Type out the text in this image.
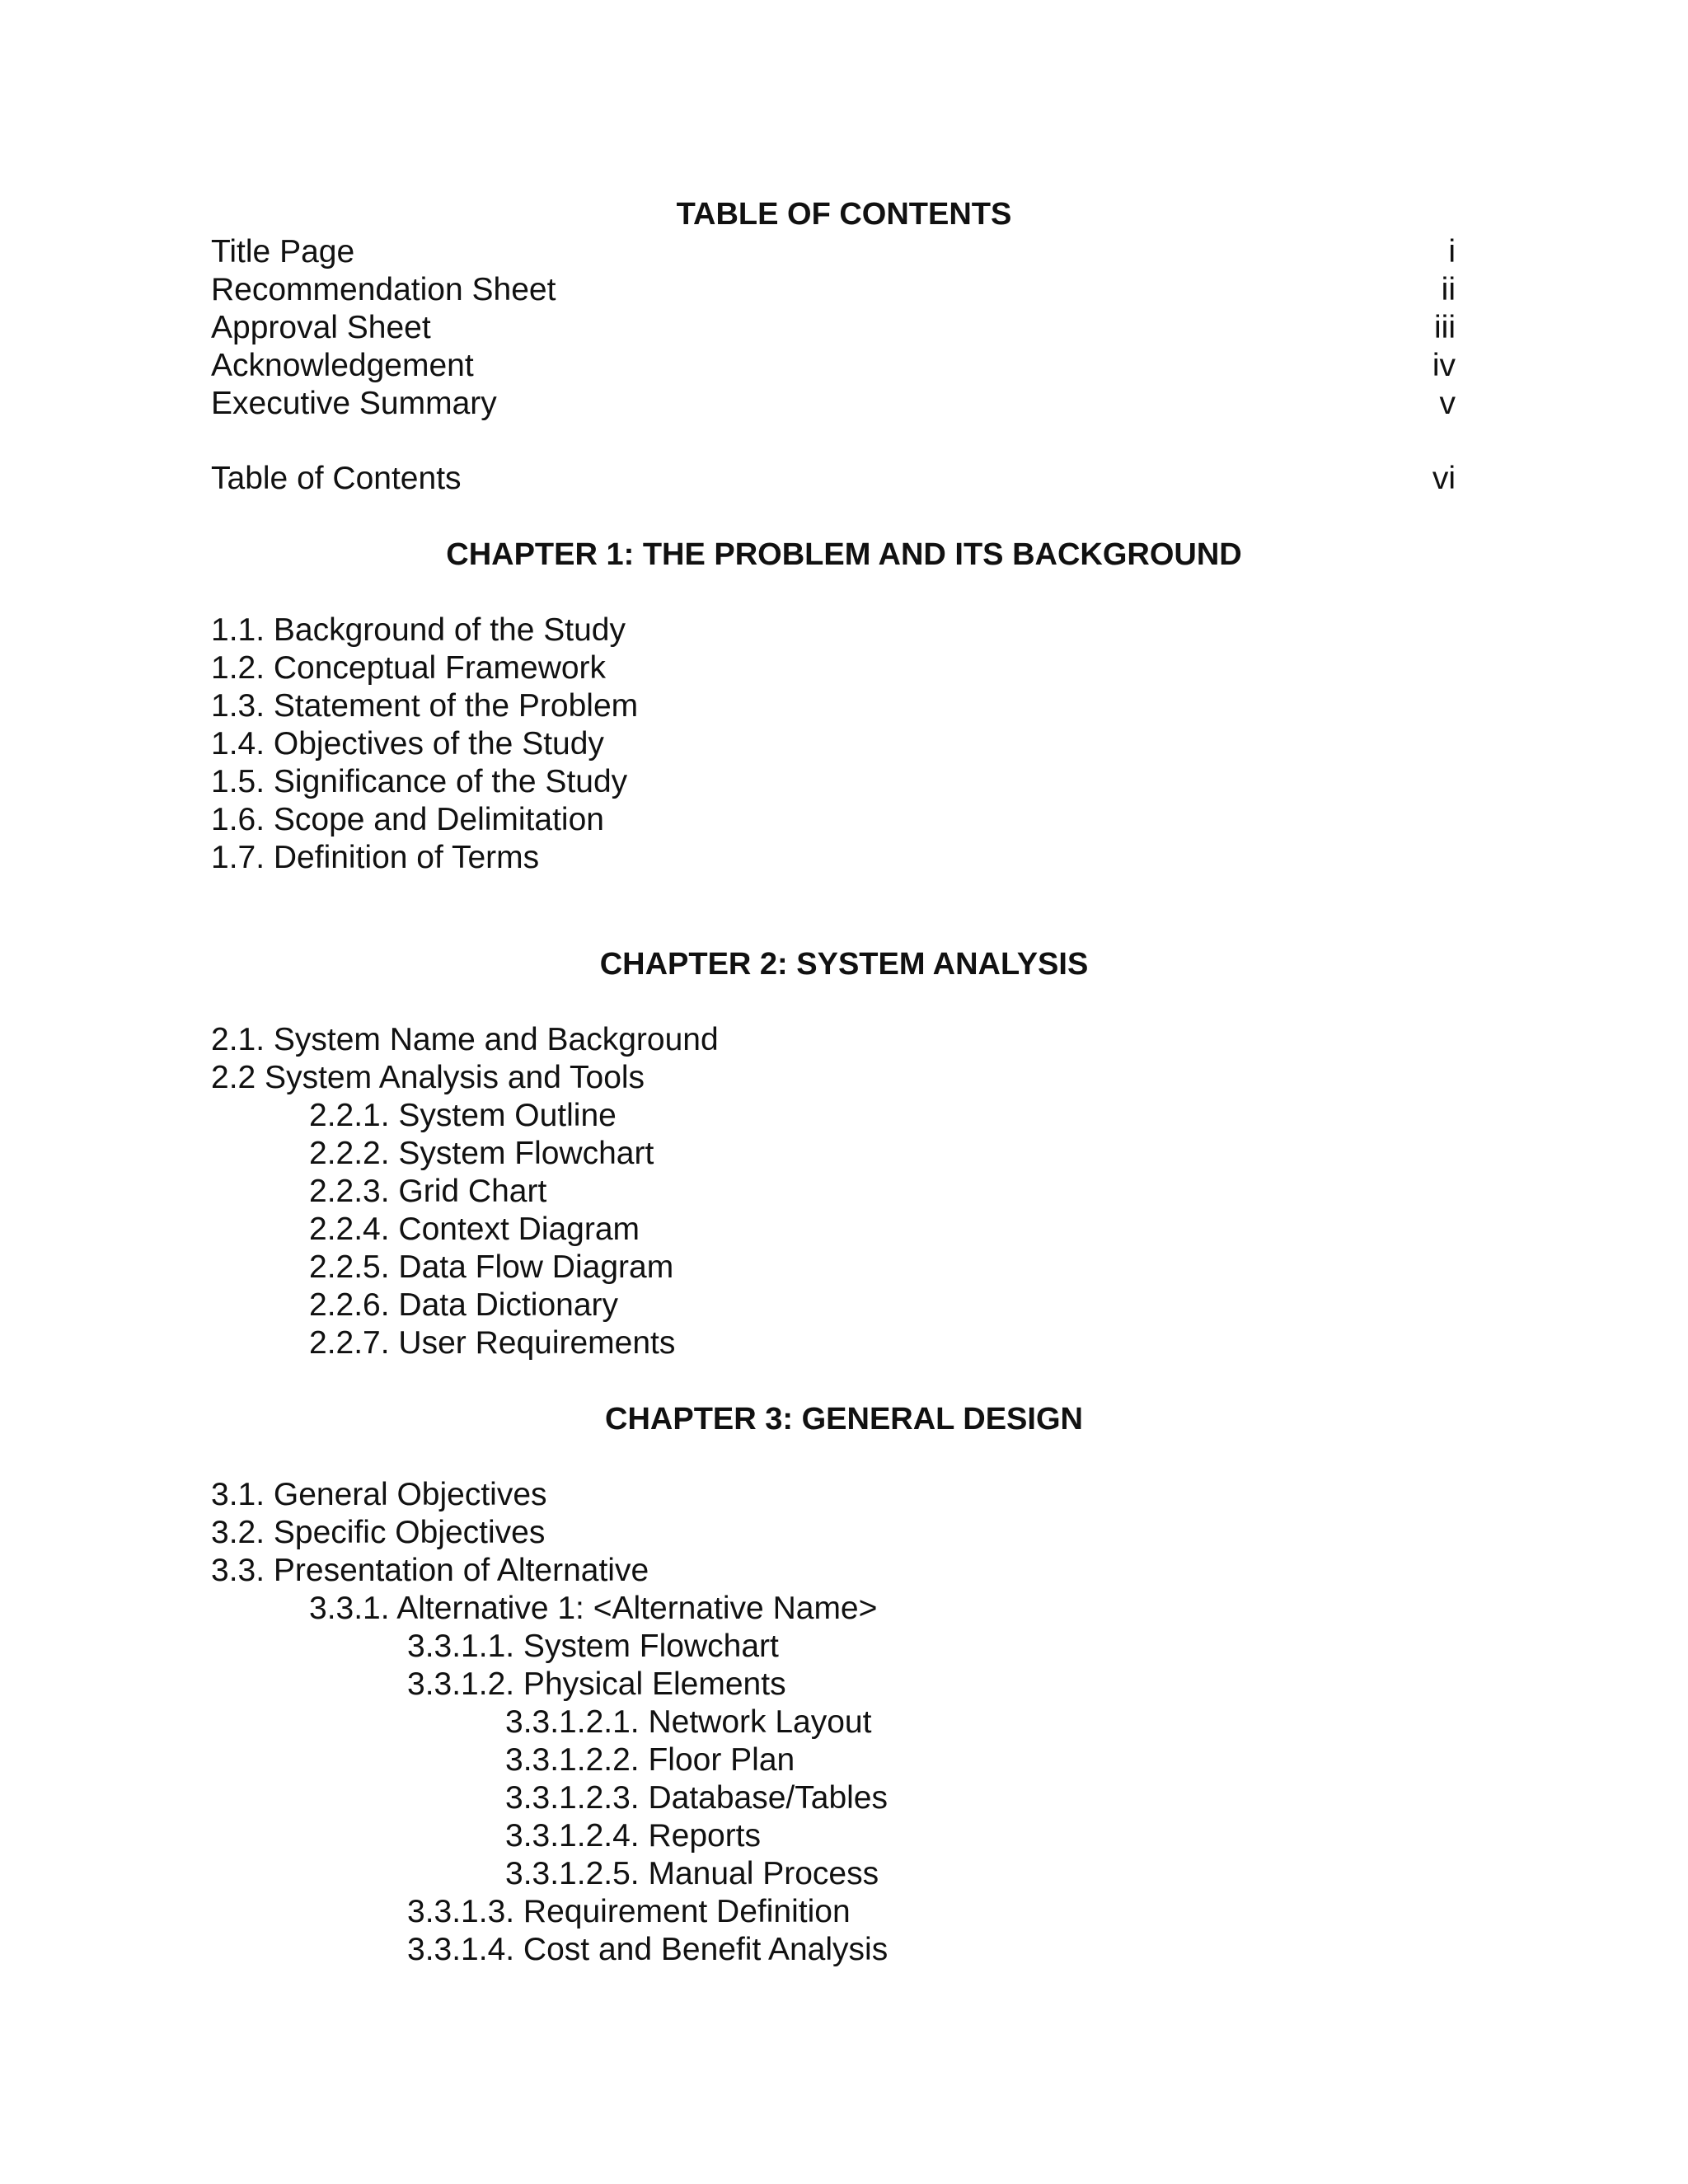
TABLE OF CONTENTS
Title Page	i
Recommendation Sheet	ii
Approval Sheet	iii
Acknowledgement	iv
Executive Summary	v
Table of Contents	vi
CHAPTER 1: THE PROBLEM AND ITS BACKGROUND
1.1. Background of the Study
1.2. Conceptual Framework
1.3. Statement of the Problem
1.4. Objectives of the Study
1.5. Significance of the Study
1.6. Scope and Delimitation
1.7. Definition of Terms
CHAPTER 2: SYSTEM ANALYSIS
2.1. System Name and Background
2.2 System Analysis and Tools
2.2.1. System Outline
2.2.2. System Flowchart
2.2.3. Grid Chart
2.2.4. Context Diagram
2.2.5. Data Flow Diagram
2.2.6. Data Dictionary
2.2.7. User Requirements
CHAPTER 3: GENERAL DESIGN
3.1. General Objectives
3.2. Specific Objectives
3.3. Presentation of Alternative
3.3.1. Alternative 1: <Alternative Name>
3.3.1.1. System Flowchart
3.3.1.2. Physical Elements
3.3.1.2.1. Network Layout
3.3.1.2.2. Floor Plan
3.3.1.2.3. Database/Tables
3.3.1.2.4. Reports
3.3.1.2.5. Manual Process
3.3.1.3. Requirement Definition
3.3.1.4. Cost and Benefit Analysis
